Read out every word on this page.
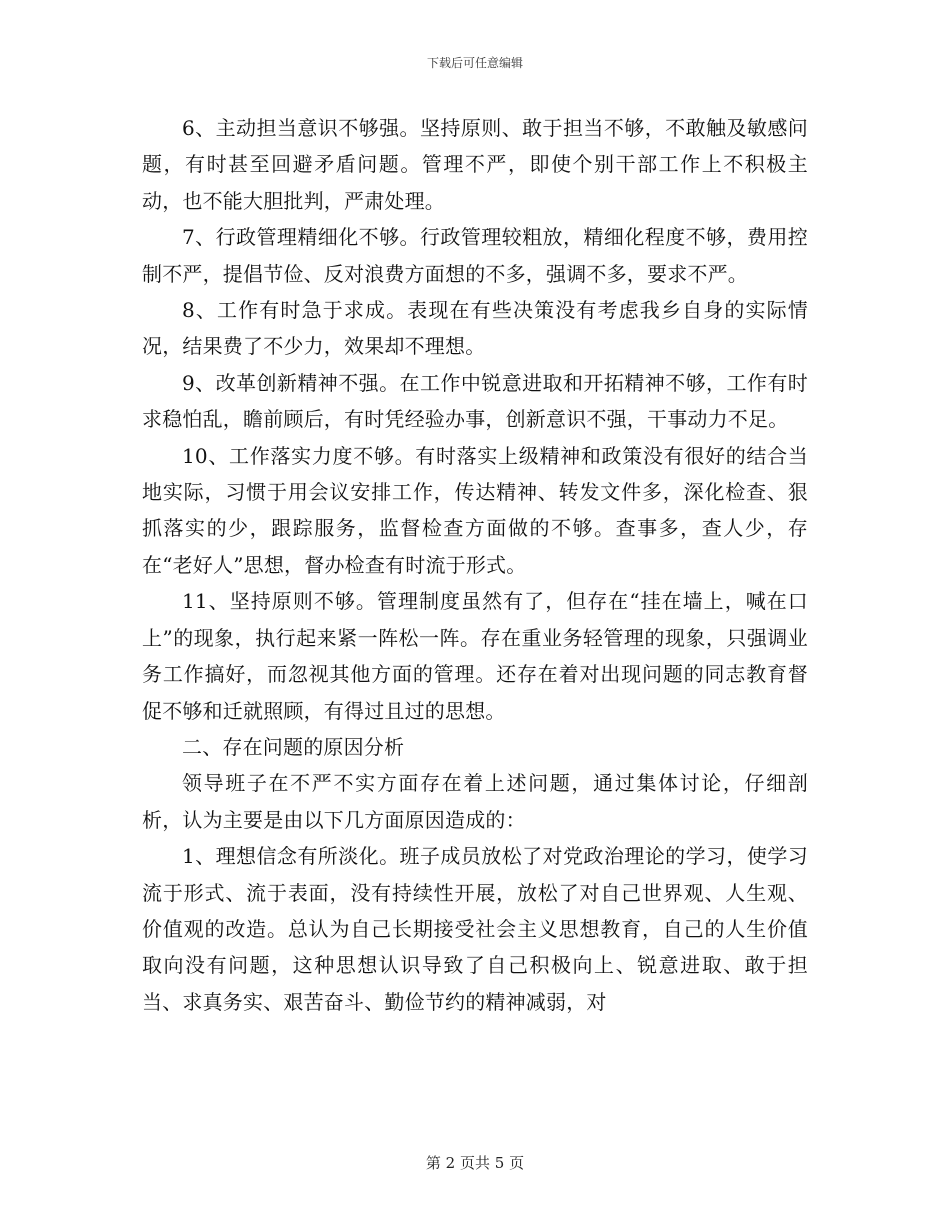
下载后可任意编辑

6、主动担当意识不够强。坚持原则、敢于担当不够，不敢触及敏感问题，有时甚至回避矛盾问题。管理不严，即使个别干部工作上不积极主动，也不能大胆批判，严肃处理。

7、行政管理精细化不够。行政管理较粗放，精细化程度不够，费用控制不严，提倡节俭、反对浪费方面想的不多，强调不多，要求不严。

8、工作有时急于求成。表现在有些决策没有考虑我乡自身的实际情况，结果费了不少力，效果却不理想。

9、改革创新精神不强。在工作中锐意进取和开拓精神不够，工作有时求稳怕乱，瞻前顾后，有时凭经验办事，创新意识不强，干事动力不足。

10、工作落实力度不够。有时落实上级精神和政策没有很好的结合当地实际，习惯于用会议安排工作，传达精神、转发文件多，深化检查、狠抓落实的少，跟踪服务，监督检查方面做的不够。查事多，查人少，存在“老好人”思想，督办检查有时流于形式。

11、坚持原则不够。管理制度虽然有了，但存在“挂在墙上，喊在口上”的现象，执行起来紧一阵松一阵。存在重业务轻管理的现象，只强调业务工作搞好，而忽视其他方面的管理。还存在着对出现问题的同志教育督促不够和迁就照顾，有得过且过的思想。

二、存在问题的原因分析

领导班子在不严不实方面存在着上述问题，通过集体讨论，仔细剖析，认为主要是由以下几方面原因造成的：

1、理想信念有所淡化。班子成员放松了对党政治理论的学习，使学习流于形式、流于表面，没有持续性开展，放松了对自己世界观、人生观、价值观的改造。总认为自己长期接受社会主义思想教育，自己的人生价值取向没有问题，这种思想认识导致了自己积极向上、锐意进取、敢于担当、求真务实、艰苦奋斗、勤俭节约的精神减弱，对

第 2 页共 5 页
